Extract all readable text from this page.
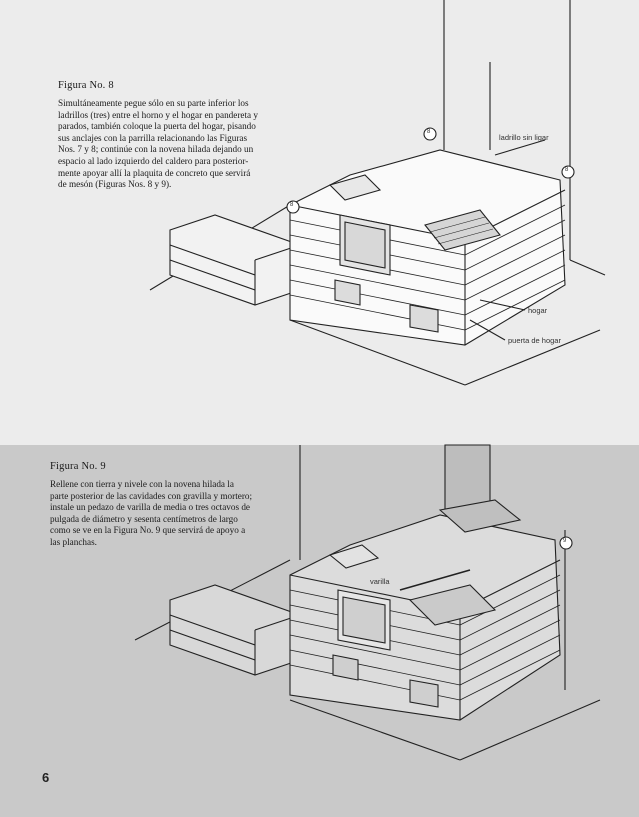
Figura No. 8
Simultáneamente pegue sólo en su parte inferior los
ladrillos (tres) entre el horno y el hogar en pandereta y
parados, también coloque la puerta del hogar, pisando
sus anclajes con la parrilla relacionando las Figuras
Nos. 7 y 8; continúe con la novena hilada dejando un
espacio al lado izquierdo del caldero para posterior-
mente apoyar allí la plaquita de concreto que servirá
de mesón (Figuras Nos. 8 y 9).
Figura No. 9
Rellene con tierra y nivele con la novena hilada la
parte posterior de las cavidades con gravilla y mortero;
instale un pedazo de varilla de media o tres octavos de
pulgada de diámetro y sesenta centímetros de largo
como se ve en la Figura No. 9 que servirá de apoyo a
las planchas.
ladrillo sin ligar
hogar
puerta de hogar
8
8
8
varilla
9
6
